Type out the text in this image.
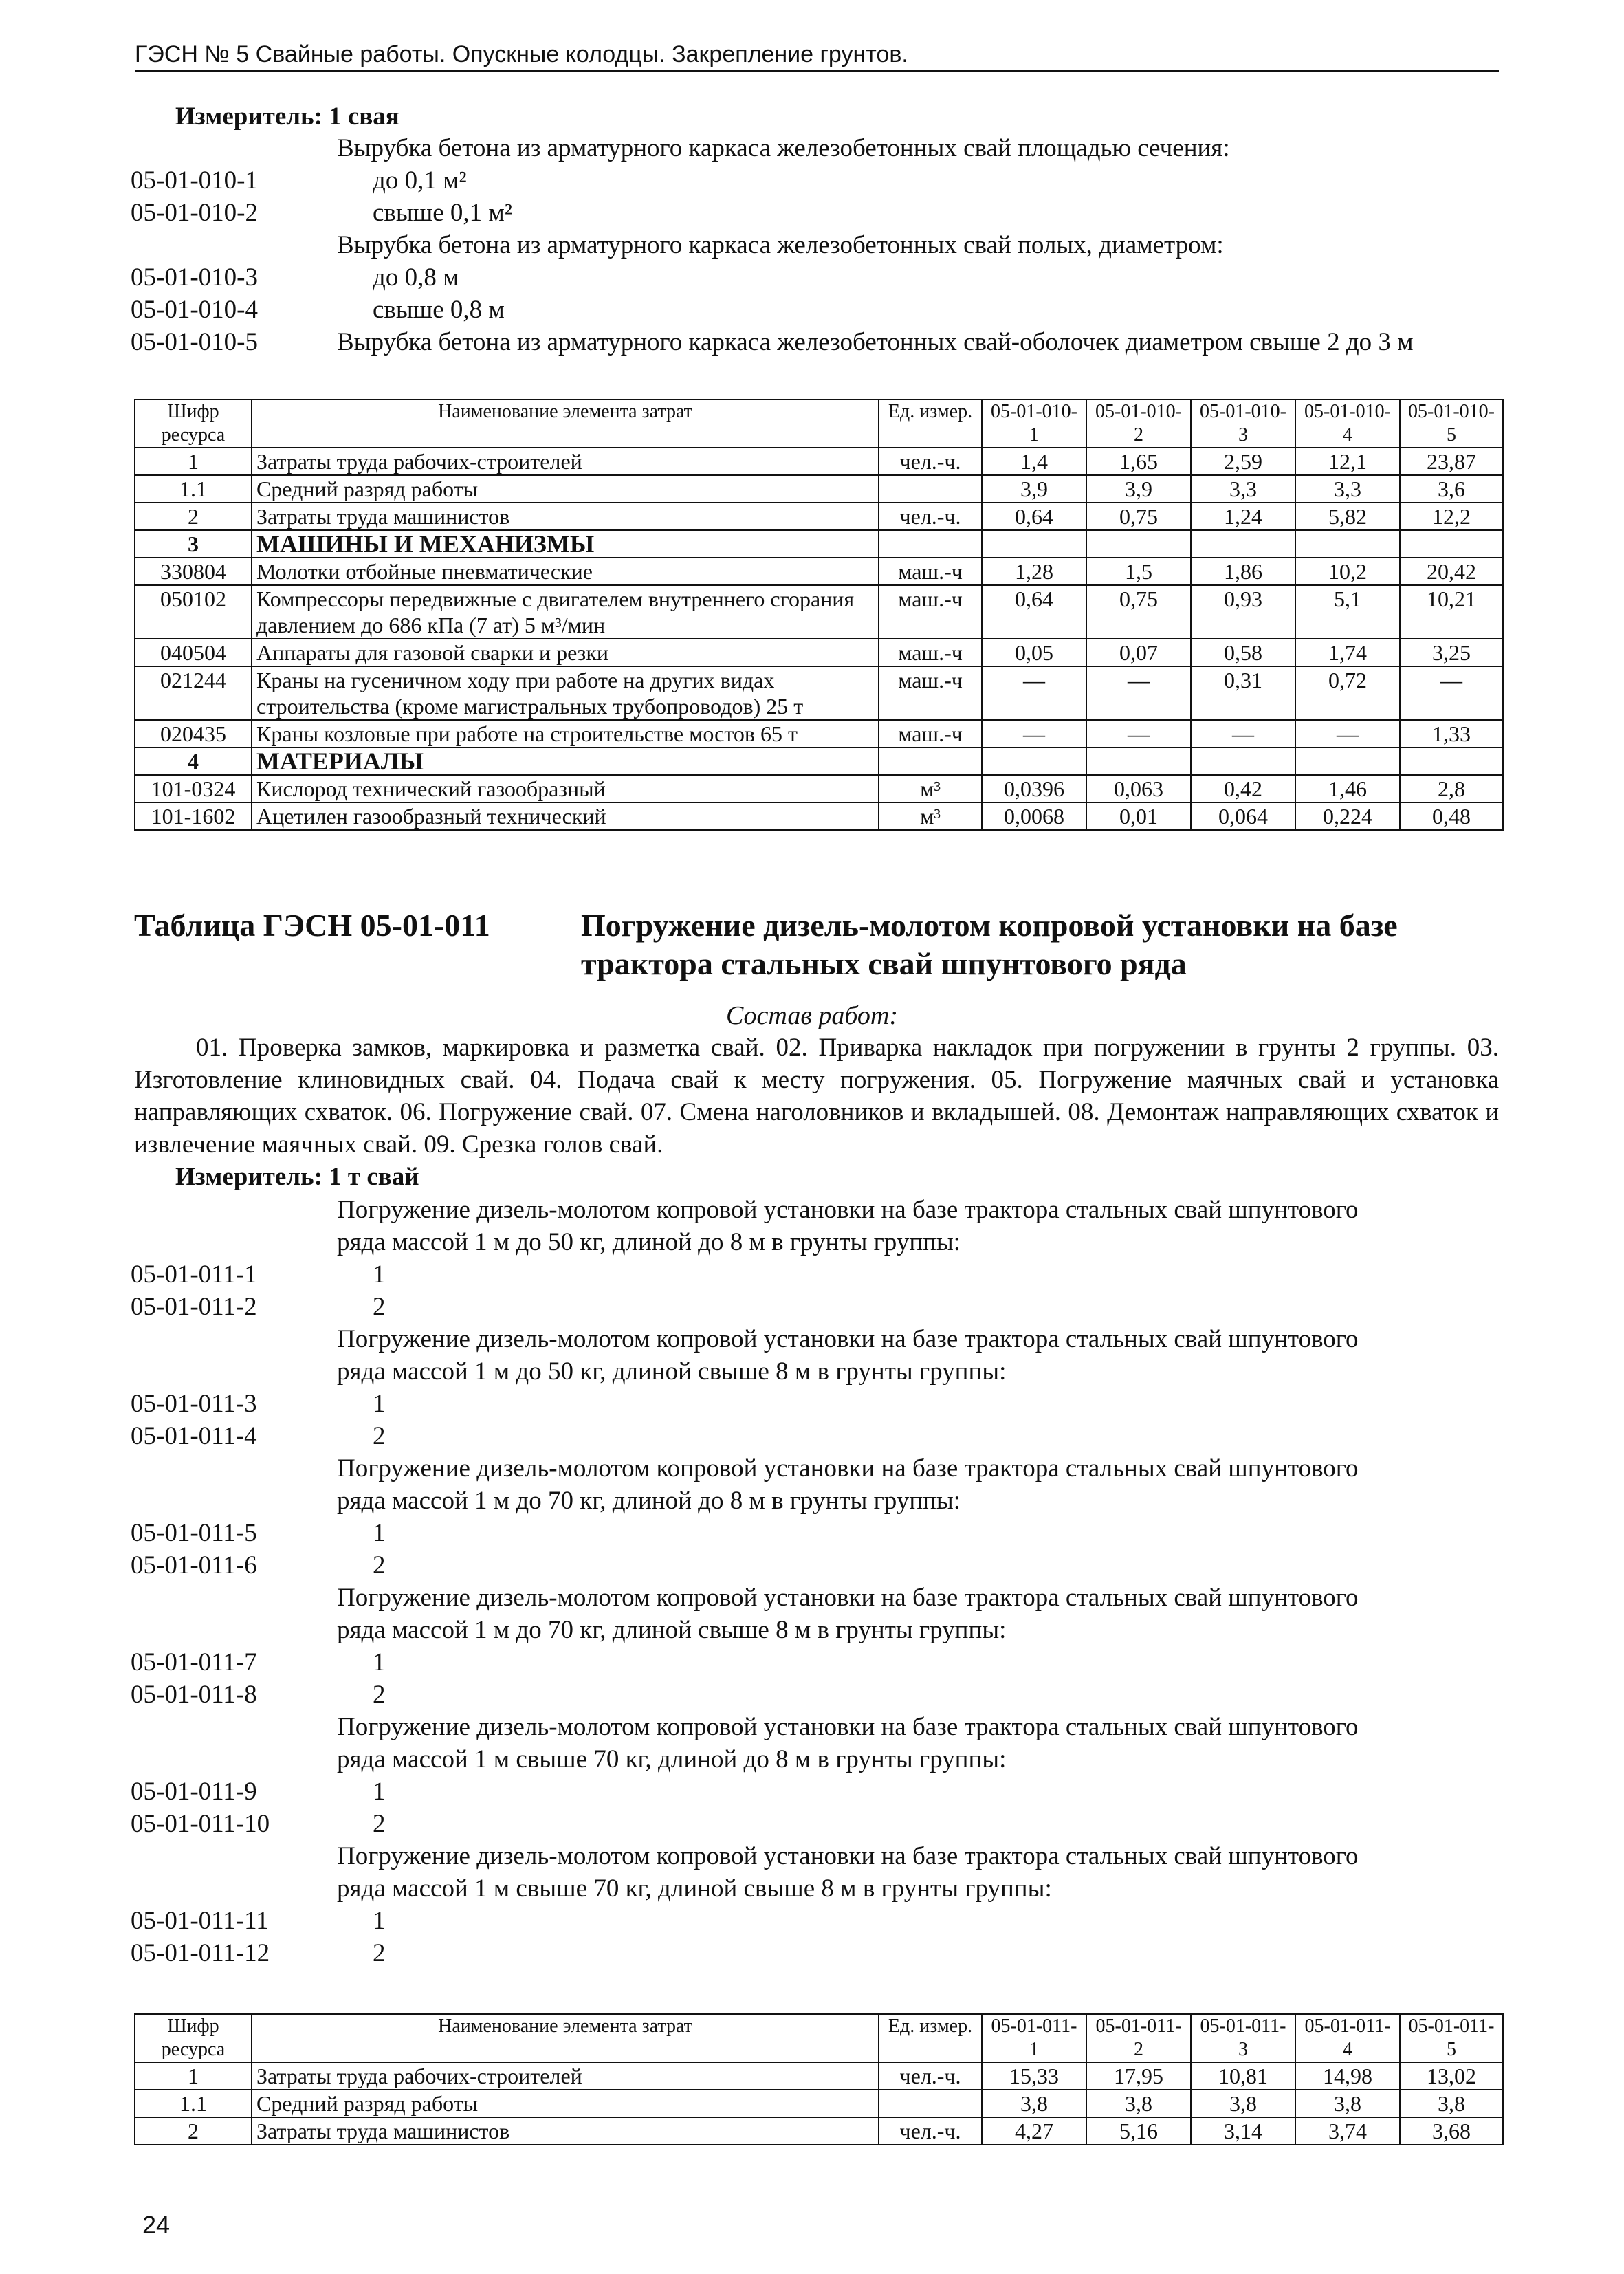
ГЭСН № 5 Свайные работы. Опускные колодцы. Закрепление грунтов.
Измеритель: 1 свая
Вырубка бетона из арматурного каркаса железобетонных свай площадью сечения:
05-01-010-1	до 0,1 м²
05-01-010-2	свыше 0,1 м²
Вырубка бетона из арматурного каркаса железобетонных свай полых, диаметром:
05-01-010-3	до 0,8 м
05-01-010-4	свыше 0,8 м
05-01-010-5	Вырубка бетона из арматурного каркаса железобетонных свай-оболочек диаметром свыше 2 до 3 м
Шифр ресурса	Наименование элемента затрат	Ед. измер.	05-01-010-1	05-01-010-2	05-01-010-3	05-01-010-4	05-01-010-5
1	Затраты труда рабочих-строителей	чел.-ч.	1,4	1,65	2,59	12,1	23,87
1.1	Средний разряд работы		3,9	3,9	3,3	3,3	3,6
2	Затраты труда машинистов	чел.-ч.	0,64	0,75	1,24	5,82	12,2
3	МАШИНЫ И МЕХАНИЗМЫ						
330804	Молотки отбойные пневматические	маш.-ч	1,28	1,5	1,86	10,2	20,42
050102	Компрессоры передвижные с двигателем внутреннего сгорания давлением до 686 кПа (7 ат) 5 м³/мин	маш.-ч	0,64	0,75	0,93	5,1	10,21
040504	Аппараты для газовой сварки и резки	маш.-ч	0,05	0,07	0,58	1,74	3,25
021244	Краны на гусеничном ходу при работе на других видах строительства (кроме магистральных трубопроводов) 25 т	маш.-ч	—	—	0,31	0,72	—
020435	Краны козловые при работе на строительстве мостов 65 т	маш.-ч	—	—	—	—	1,33
4	МАТЕРИАЛЫ						
101-0324	Кислород технический газообразный	м³	0,0396	0,063	0,42	1,46	2,8
101-1602	Ацетилен газообразный технический	м³	0,0068	0,01	0,064	0,224	0,48
Таблица ГЭСН 05-01-011	Погружение дизель-молотом копровой установки на базе трактора стальных свай шпунтового ряда
Состав работ:
01. Проверка замков, маркировка и разметка свай. 02. Приварка накладок при погружении в грунты 2 группы. 03. Изготовление клиновидных свай. 04. Подача свай к месту погружения. 05. Погружение маячных свай и установка направляющих схваток. 06. Погружение свай. 07. Смена наголовников и вкладышей. 08. Демонтаж направляющих схваток и извлечение маячных свай. 09. Срезка голов свай.
Измеритель: 1 т свай
Погружение дизель-молотом копровой установки на базе трактора стальных свай шпунтового
ряда массой 1 м до 50 кг, длиной до 8 м в грунты группы:
05-01-011-1	1
05-01-011-2	2
Погружение дизель-молотом копровой установки на базе трактора стальных свай шпунтового
ряда массой 1 м до 50 кг, длиной свыше 8 м в грунты группы:
05-01-011-3	1
05-01-011-4	2
Погружение дизель-молотом копровой установки на базе трактора стальных свай шпунтового
ряда массой 1 м до 70 кг, длиной до 8 м в грунты группы:
05-01-011-5	1
05-01-011-6	2
Погружение дизель-молотом копровой установки на базе трактора стальных свай шпунтового
ряда массой 1 м до 70 кг, длиной свыше 8 м в грунты группы:
05-01-011-7	1
05-01-011-8	2
Погружение дизель-молотом копровой установки на базе трактора стальных свай шпунтового
ряда массой 1 м свыше 70 кг, длиной до 8 м в грунты группы:
05-01-011-9	1
05-01-011-10	2
Погружение дизель-молотом копровой установки на базе трактора стальных свай шпунтового
ряда массой 1 м свыше 70 кг, длиной свыше 8 м в грунты группы:
05-01-011-11	1
05-01-011-12	2
Шифр ресурса	Наименование элемента затрат	Ед. измер.	05-01-011-1	05-01-011-2	05-01-011-3	05-01-011-4	05-01-011-5
1	Затраты труда рабочих-строителей	чел.-ч.	15,33	17,95	10,81	14,98	13,02
1.1	Средний разряд работы		3,8	3,8	3,8	3,8	3,8
2	Затраты труда машинистов	чел.-ч.	4,27	5,16	3,14	3,74	3,68
24
